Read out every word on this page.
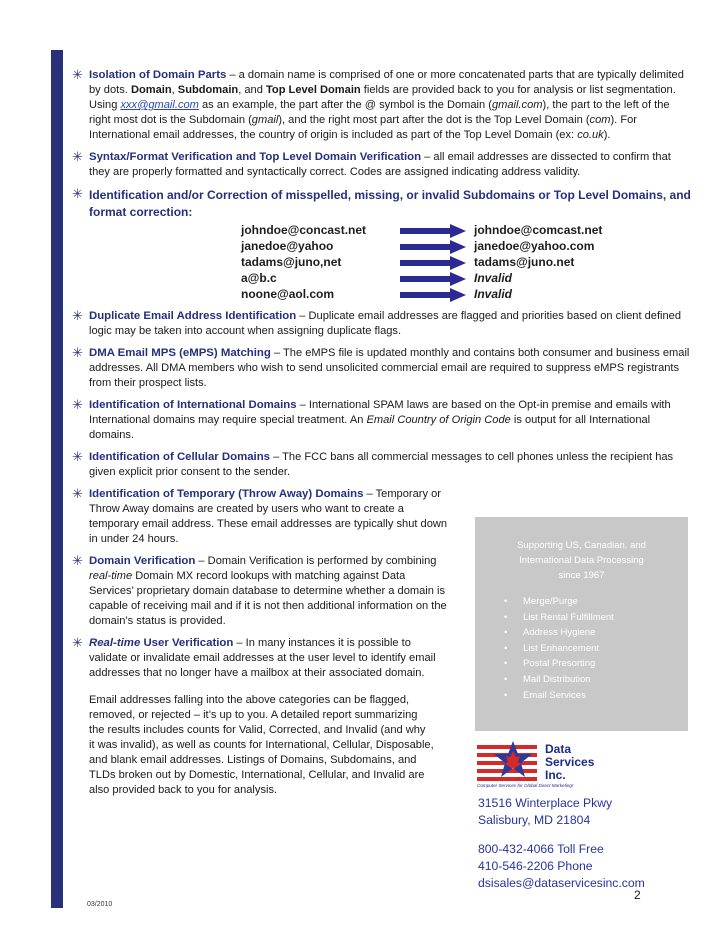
✳ Isolation of Domain Parts – a domain name is comprised of one or more concatenated parts that are typically delimited by dots. Domain, Subdomain, and Top Level Domain fields are provided back to you for analysis or list segmentation. Using xxx@gmail.com as an example, the part after the @ symbol is the Domain (gmail.com), the part to the left of the right most dot is the Subdomain (gmail), and the right most part after the dot is the Top Level Domain (com). For International email addresses, the country of origin is included as part of the Top Level Domain (ex: co.uk).
✳ Syntax/Format Verification and Top Level Domain Verification – all email addresses are dissected to confirm that they are properly formatted and syntactically correct. Codes are assigned indicating address validity.
✳ Identification and/or Correction of misspelled, missing, or invalid Subdomains or Top Level Domains, and format correction:
johndoe@concast.net	johndoe@comcast.net
janedoe@yahoo	janedoe@yahoo.com
tadams@juno,net	tadams@juno.net
a@b.c	Invalid
noone@aol.com	Invalid
✳ Duplicate Email Address Identification – Duplicate email addresses are flagged and priorities based on client defined logic may be taken into account when assigning duplicate flags.
✳ DMA Email MPS (eMPS) Matching – The eMPS file is updated monthly and contains both consumer and business email addresses. All DMA members who wish to send unsolicited commercial email are required to suppress eMPS registrants from their prospect lists.
✳ Identification of International Domains – International SPAM laws are based on the Opt-in premise and emails with International domains may require special treatment. An Email Country of Origin Code is output for all International domains.
✳ Identification of Cellular Domains – The FCC bans all commercial messages to cell phones unless the recipient has given explicit prior consent to the sender.
✳ Identification of Temporary (Throw Away) Domains – Temporary or Throw Away domains are created by users who want to create a temporary email address. These email addresses are typically shut down in under 24 hours.
✳ Domain Verification – Domain Verification is performed by combining real-time Domain MX record lookups with matching against Data Services’ proprietary domain database to determine whether a domain is capable of receiving mail and if it is not then additional information on the domain’s status is provided.
✳ Real-time User Verification – In many instances it is possible to validate or invalidate email addresses at the user level to identify email addresses that no longer have a mailbox at their associated domain.
Email addresses falling into the above categories can be flagged, removed, or rejected – it’s up to you. A detailed report summarizing the results includes counts for Valid, Corrected, and Invalid (and why it was invalid), as well as counts for International, Cellular, Disposable, and blank email addresses. Listings of Domains, Subdomains, and TLDs broken out by Domestic, International, Cellular, and Invalid are also provided back to you for analysis.
Supporting US, Canadian, and
International Data Processing
since 1967
• Merge/Purge
• List Rental Fulfillment
• Address Hygiene
• List Enhancement
• Postal Presorting
• Mail Distribution
• Email Services
Data
Services
Inc.
Computer Services for Global Direct Marketing!
31516 Winterplace Pkwy
Salisbury, MD 21804
800-432-4066 Toll Free
410-546-2206 Phone
dsisales@dataservicesinc.com
2
03/2010
